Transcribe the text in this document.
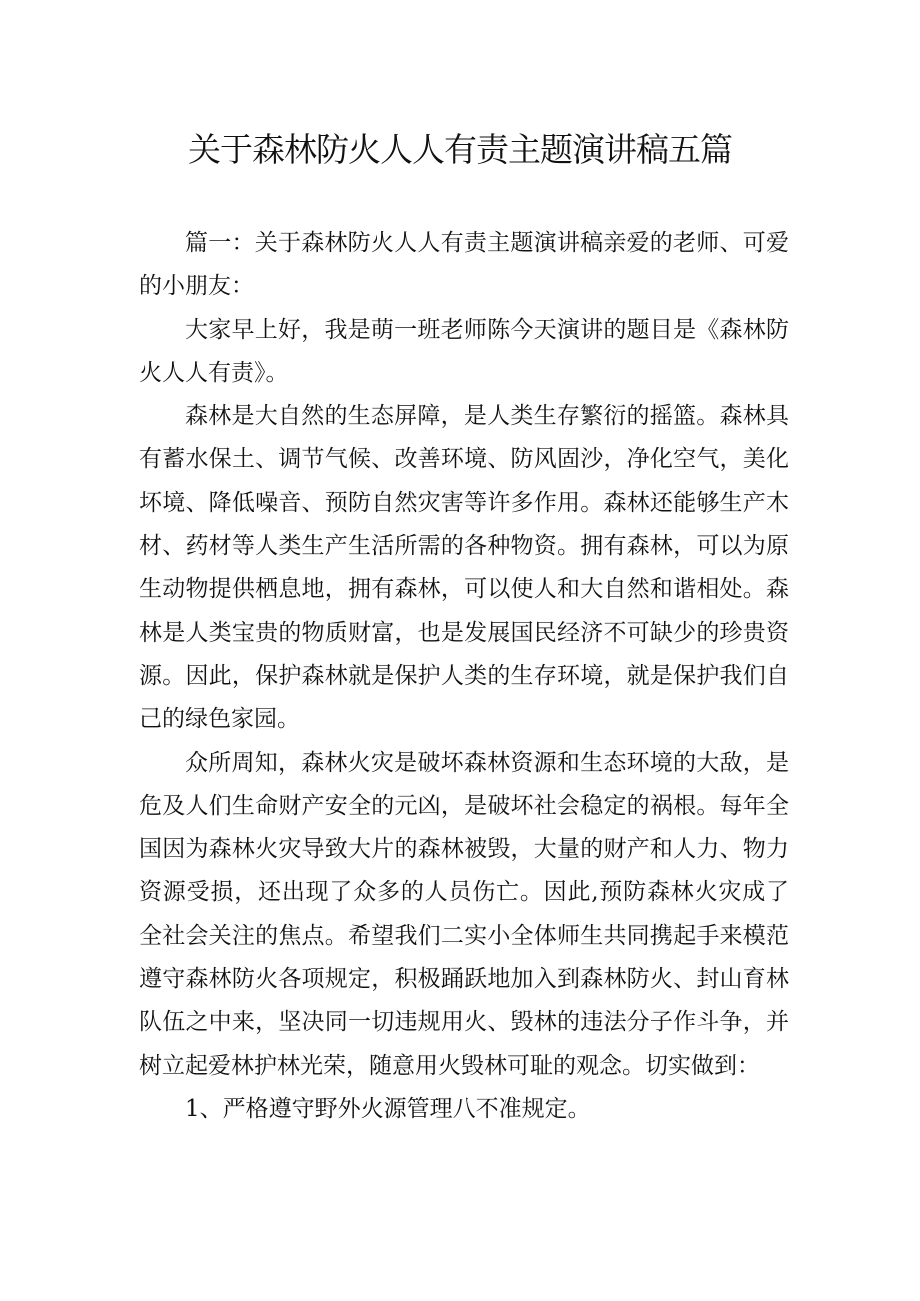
关于森林防火人人有责主题演讲稿五篇

篇一：关于森林防火人人有责主题演讲稿亲爱的老师、可爱的小朋友：

大家早上好，我是萌一班老师陈今天演讲的题目是《森林防火人人有责》。

森林是大自然的生态屏障，是人类生存繁衍的摇篮。森林具有蓄水保土、调节气候、改善环境、防风固沙，净化空气，美化坏境、降低噪音、预防自然灾害等许多作用。森林还能够生产木材、药材等人类生产生活所需的各种物资。拥有森林，可以为原生动物提供栖息地，拥有森林，可以使人和大自然和谐相处。森林是人类宝贵的物质财富，也是发展国民经济不可缺少的珍贵资源。因此，保护森林就是保护人类的生存环境，就是保护我们自己的绿色家园。

众所周知，森林火灾是破坏森林资源和生态环境的大敌，是危及人们生命财产安全的元凶，是破坏社会稳定的祸根。每年全国因为森林火灾导致大片的森林被毁，大量的财产和人力、物力资源受损，还出现了众多的人员伤亡。因此,预防森林火灾成了全社会关注的焦点。希望我们二实小全体师生共同携起手来模范遵守森林防火各项规定，积极踊跃地加入到森林防火、封山育林队伍之中来，坚决同一切违规用火、毁林的违法分子作斗争，并树立起爱林护林光荣，随意用火毁林可耻的观念。切实做到：

1、严格遵守野外火源管理八不准规定。
